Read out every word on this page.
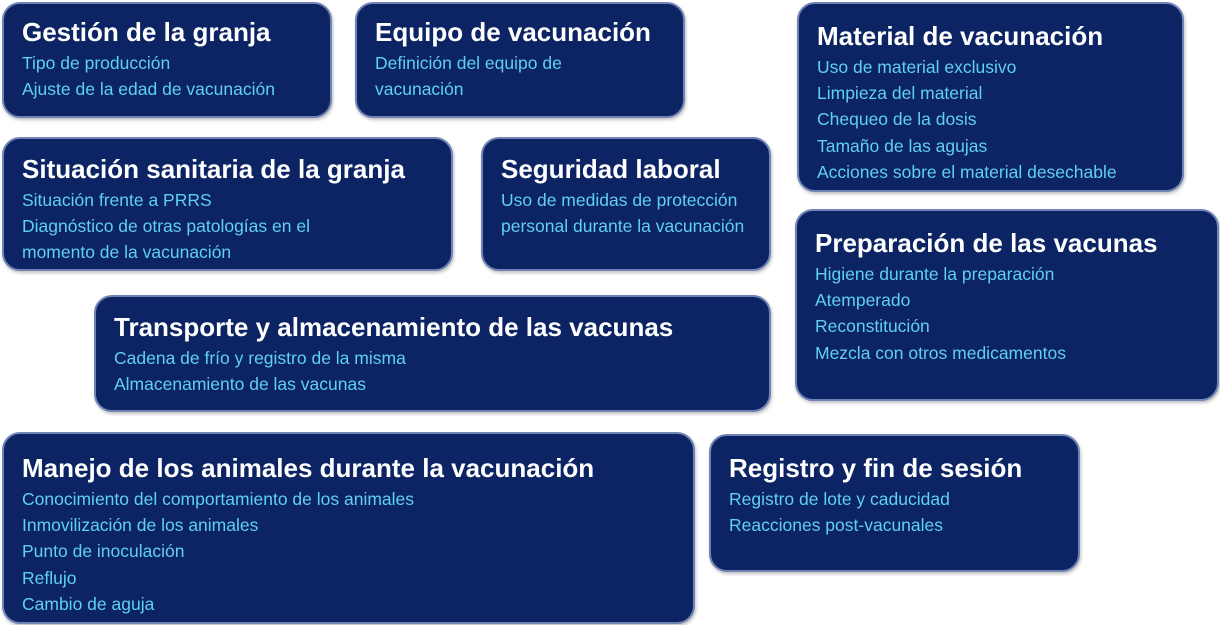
Gestión de la granja
Tipo de producción
Ajuste de la edad de vacunación
Equipo de vacunación
Definición del equipo de vacunación
Material de vacunación
Uso de material exclusivo
Limpieza del material
Chequeo de la dosis
Tamaño de las agujas
Acciones sobre el material desechable
Situación sanitaria de la granja
Situación frente a PRRS
Diagnóstico de otras patologías en el momento de la vacunación
Seguridad laboral
Uso de medidas de protección personal durante la vacunación
Preparación de las vacunas
Higiene durante la preparación
Atemperado
Reconstitución
Mezcla con otros medicamentos
Transporte y almacenamiento de las vacunas
Cadena de frío y registro de la misma
Almacenamiento de las vacunas
Manejo de los animales durante la vacunación
Conocimiento del comportamiento de los animales
Inmovilización de los animales
Punto de inoculación
Reflujo
Cambio de aguja
Registro y fin de sesión
Registro de lote y caducidad
Reacciones post-vacunales
